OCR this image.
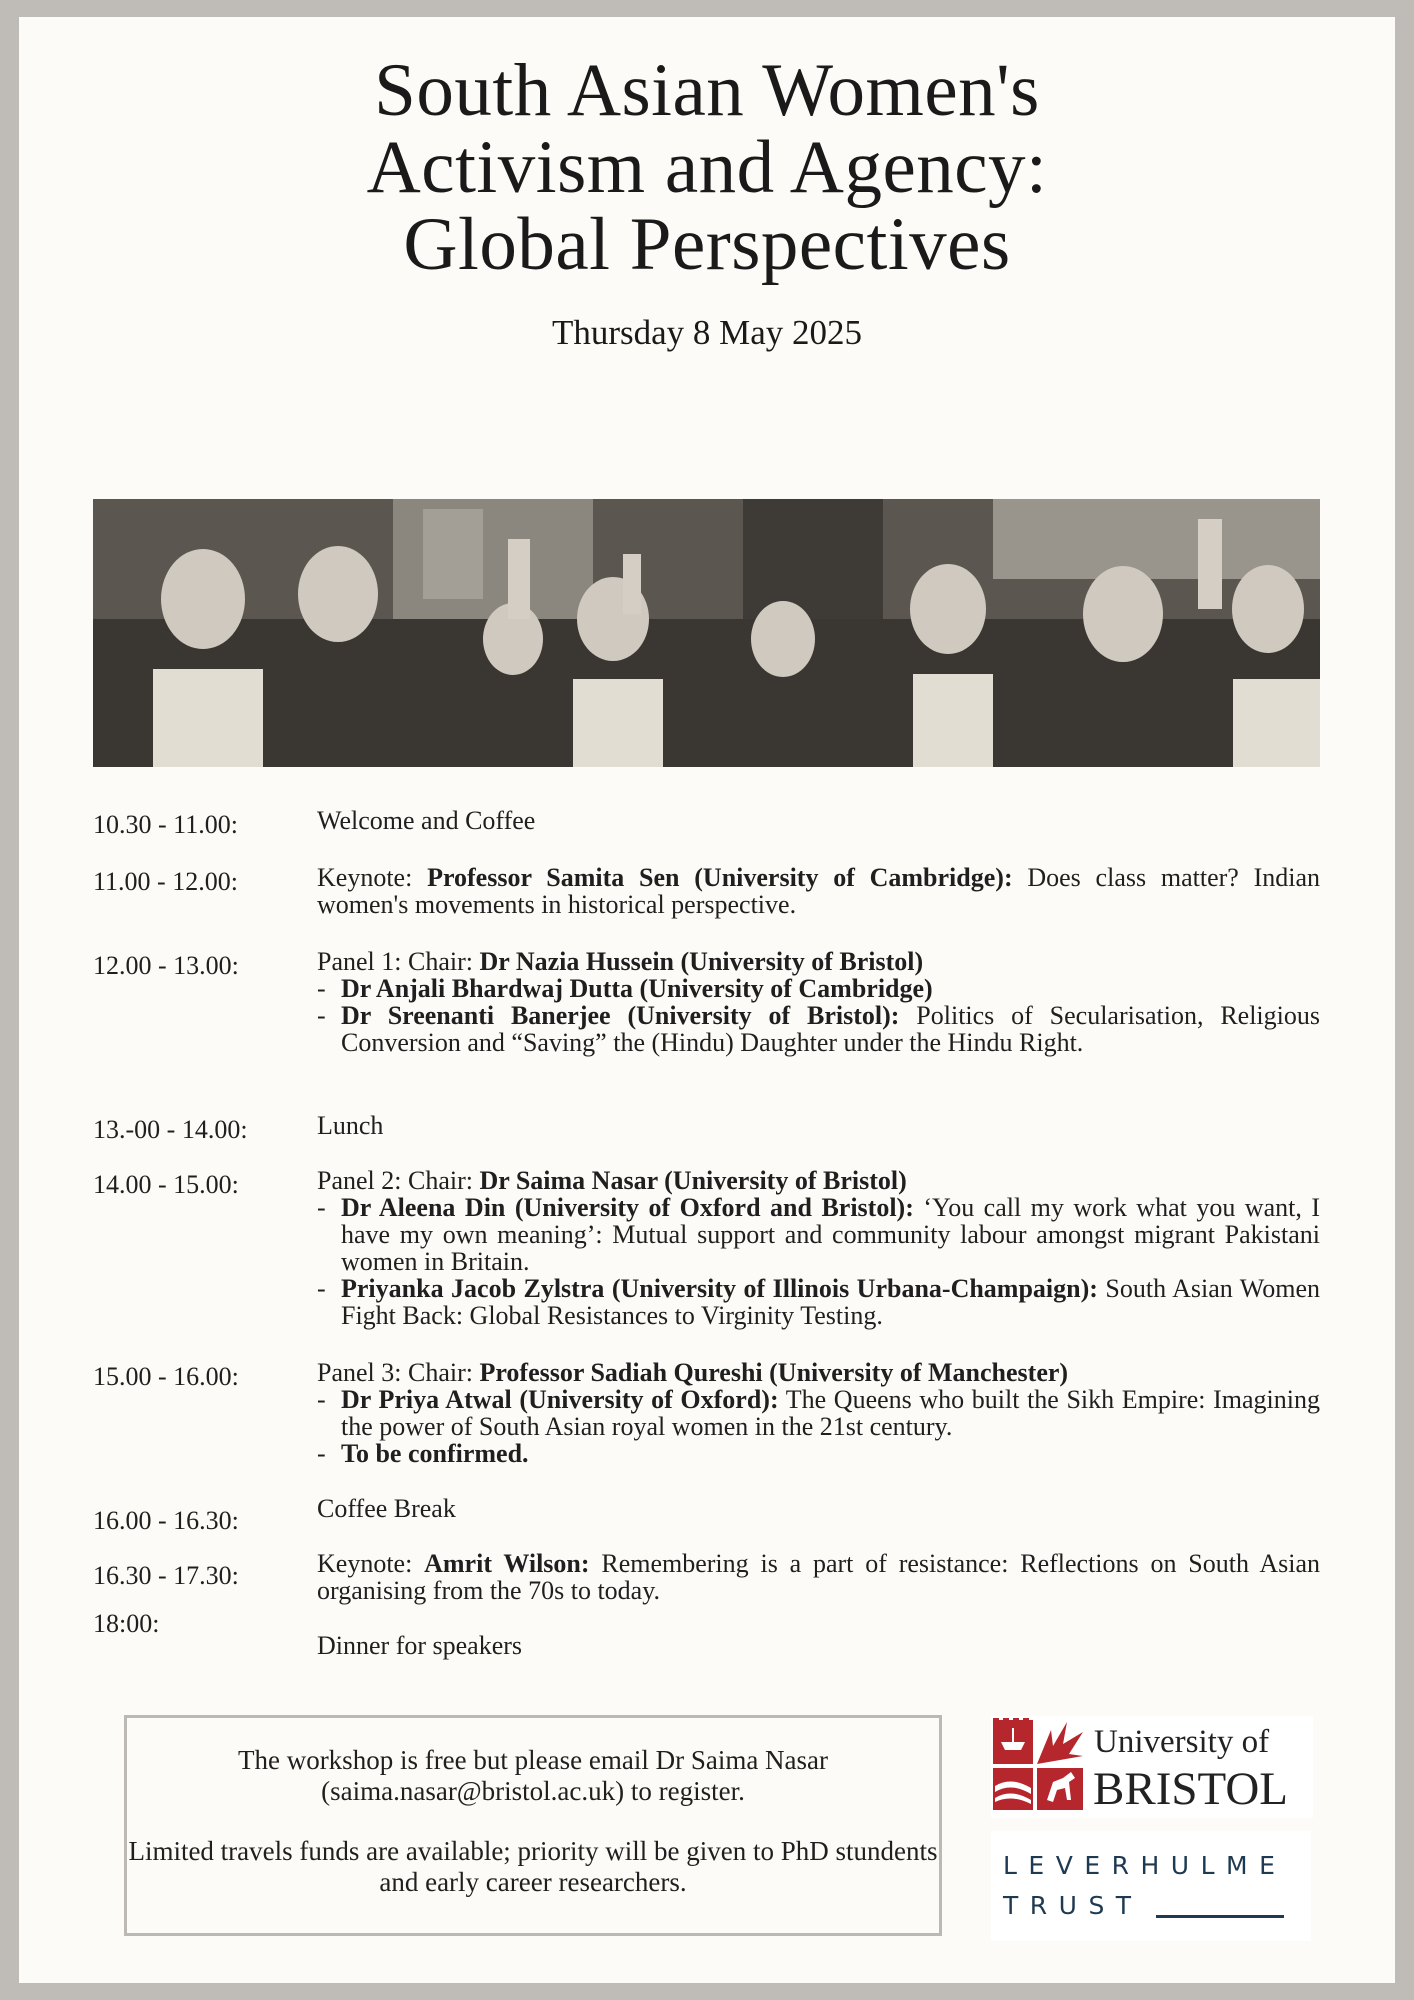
South Asian Women's
Activism and Agency:
Global Perspectives
Thursday 8 May 2025
10.30 - 11.00:	Welcome and Coffee
11.00 - 12.00:	Keynote: Professor Samita Sen (University of Cambridge): Does class matter? Indian women's movements in historical perspective.
12.00 - 13.00:	Panel 1: Chair: Dr Nazia Hussein (University of Bristol)
- Dr Anjali Bhardwaj Dutta (University of Cambridge)
- Dr Sreenanti Banerjee (University of Bristol): Politics of Secularisation, Religious Conversion and “Saving” the (Hindu) Daughter under the Hindu Right.
13.-00 - 14.00:	Lunch
14.00 - 15.00:	Panel 2: Chair: Dr Saima Nasar (University of Bristol)
- Dr Aleena Din (University of Oxford and Bristol): ‘You call my work what you want, I have my own meaning’: Mutual support and community labour amongst migrant Pakistani women in Britain.
- Priyanka Jacob Zylstra (University of Illinois Urbana-Champaign): South Asian Women Fight Back: Global Resistances to Virginity Testing.
15.00 - 16.00:	Panel 3: Chair: Professor Sadiah Qureshi (University of Manchester)
- Dr Priya Atwal (University of Oxford): The Queens who built the Sikh Empire: Imagining the power of South Asian royal women in the 21st century.
- To be confirmed.
16.00 - 16.30:	Coffee Break
16.30 - 17.30:	Keynote: Amrit Wilson: Remembering is a part of resistance: Reflections on South Asian organising from the 70s to today.
18:00:
Dinner for speakers

The workshop is free but please email Dr Saima Nasar (saima.nasar@bristol.ac.uk) to register.

Limited travels funds are available; priority will be given to PhD stundents and early career researchers.

University of
BRISTOL
LEVERHULME
TRUST
